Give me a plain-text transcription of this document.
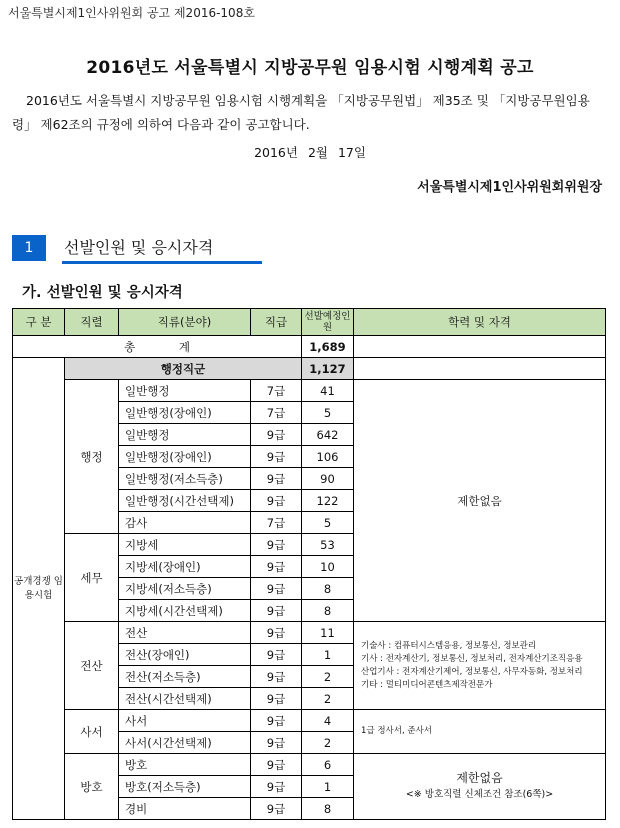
서울특별시제1인사위원회 공고 제2016-108호
2016년도 서울특별시 지방공무원 임용시험 시행계획 공고
2016년도 서울특별시 지방공무원 임용시험 시행계획을 「지방공무원법」 제35조 및 「지방공무원임용령」 제62조의 규정에 의하여 다음과 같이 공고합니다.
2016년 2월 17일
서울특별시제1인사위원회위원장
1	선발인원 및 응시자격
가. 선발인원 및 응시자격
구 분	직렬	직류(분야)	직급	선발예정인원	학력 및 자격
총 계				1,689	
공개경쟁 임용시험	행정직군			1,127	
	행정	일반행정	7급	41	제한없음
		일반행정(장애인)	7급	5	
		일반행정	9급	642	
		일반행정(장애인)	9급	106	
		일반행정(저소득층)	9급	90	
		일반행정(시간선택제)	9급	122	
		감사	7급	5	
	세무	지방세	9급	53	
		지방세(장애인)	9급	10	
		지방세(저소득층)	9급	8	
		지방세(시간선택제)	9급	8	
	전산	전산	9급	11	기술사 : 컴퓨터시스템응용, 정보통신, 정보관리
기사 : 전자계산기, 정보통신, 정보처리, 전자계산기조직응용
산업기사 : 전자계산기제어, 정보통신, 사무자동화, 정보처리
기타 : 멀티미디어콘텐츠제작전문가

		전산(장애인)	9급	1	
		전산(저소득층)	9급	2	
		전산(시간선택제)	9급	2	
	사서	사서	9급	4	1급 정사서, 준사서
		사서(시간선택제)	9급	2	
	방호	방호	9급	6	제한없음
<※ 방호직렬 신체조건 참조(6쪽)>

		방호(저소득층)	9급	1	
		경비	9급	8	
